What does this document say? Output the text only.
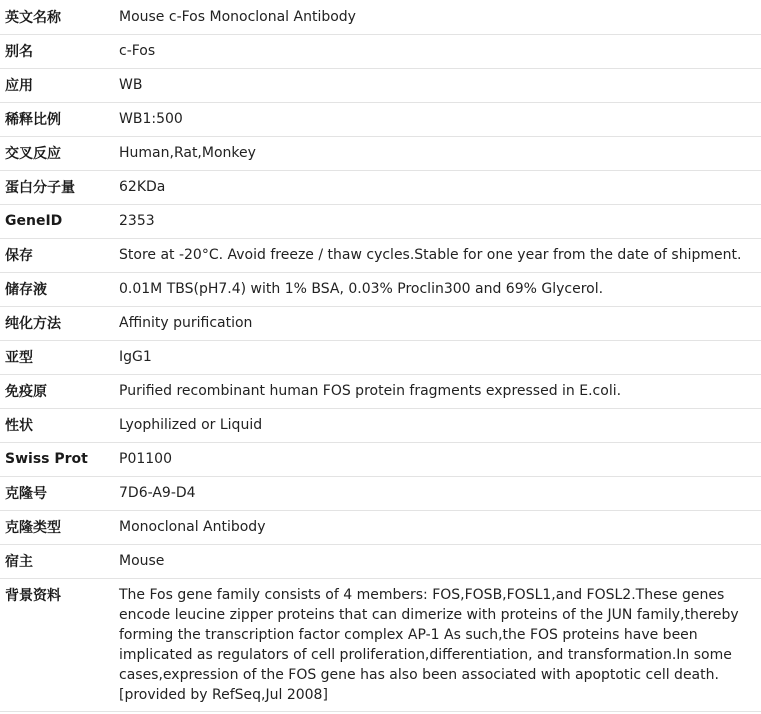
英文名称	Mouse c-Fos Monoclonal Antibody
别名	c-Fos
应用	WB
稀释比例	WB1:500
交叉反应	Human,Rat,Monkey
蛋白分子量	62KDa
GeneID	2353
保存	Store at -20°C. Avoid freeze / thaw cycles.Stable for one year from the date of shipment.
储存液	0.01M TBS(pH7.4) with 1% BSA, 0.03% Proclin300 and 69% Glycerol.
纯化方法	Affinity purification
亚型	IgG1
免疫原	Purified recombinant human FOS protein fragments expressed in E.coli.
性状	Lyophilized or Liquid
Swiss Prot	P01100
克隆号	7D6-A9-D4
克隆类型	Monoclonal Antibody
宿主	Mouse
背景资料	The Fos gene family consists of 4 members: FOS,FOSB,FOSL1,and FOSL2.These genes encode leucine zipper proteins that can dimerize with proteins of the JUN family,thereby forming the transcription factor complex AP-1 As such,the FOS proteins have been implicated as regulators of cell proliferation,differentiation, and transformation.In some cases,expression of the FOS gene has also been associated with apoptotic cell death.[provided by RefSeq,Jul 2008]
